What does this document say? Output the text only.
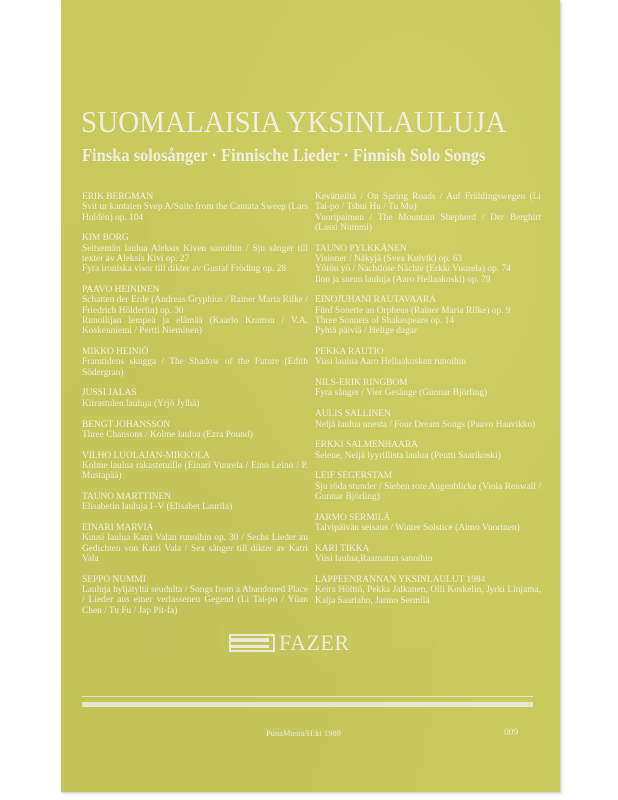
SUOMALAISIA YKSINLAULUJA
Finska solosånger · Finnische Lieder · Finnish Solo Songs
ERIK BERGMAN
Svit ur kantaten Svep A/Suite from the Cantata Sweep (Lars Huldén) op. 104
KIM BORG
Seitsemän laulua Aleksis Kiven sanoihin / Sju sånger till texter av Aleksis Kivi op. 27
Fyra ironiska visor till dikter av Gustaf Fröding op. 28
PAAVO HEININEN
Schatten der Erde (Andreas Gryphius / Rainer Maria Rilke / Friedrich Hölderlin) op. 30
Runoilijan lempeä ja elämää (Kaarlo Kramsu / V.A. Koskenniemi / Pertti Nieminen)
MIKKO HEINIÖ
Framtidens skugga / The Shadow of the Future (Edith Södergran)
JUSSI JALAS
Kiirastulen lauluja (Yrjö Jylhä)
BENGT JOHANSSON
Three Chansons / Kolme laulua (Ezra Pound)
VILHO LUOLAJAN-MIKKOLA
Kolme laulua rakastetuille (Einari Vuorela / Eino Leino / P. Mustapää)
TAUNO MARTTINEN
Elisabetin lauluja I–V (Elisabet Laurila)
EINARI MARVIA
Kuusi laulua Katri Valan runoihin op. 30 / Sechs Lieder zu Gedichten von Katri Vala / Sex sånger till dikter av Katri Vala
SEPPO NUMMI
Lauluja hyljätyltä seudulta / Songs from a Abandoned Place / Lieder aus einer verlassenen Gegend (Li Tai-po / Yüan Chen / Tu Fu / Jap Pit-fa)
Kevätteiltä / On Spring Roads / Auf Frühlingswegen (Li Tai-po / Tshui Hu / Tu Mu)
Vuoripaimen / The Mountain Shepherd / Der Berghirt (Lassi Nummi)
TAUNO PYLKKÄNEN
Visioner / Näkyjä (Svea Kulvik) op. 63
Yötön yö / Nachtlose Nächte (Erkki Vuorela) op. 74
Ilon ja surun lauluja (Aaro Hellaakoski) op. 79
EINOJUHANI RAUTAVAARA
Fünf Sonette an Orpheus (Rainer Maria Rilke) op. 9
Three Sonnets of Shakespeare op. 14
Pyhiä päiviä / Helige dagar
PEKKA RAUTIO
Viisi laulua Aaro Hellaakosken runoihin
NILS-ERIK RINGBOM
Fyra sånger / Vier Gesänge (Gunnar Björling)
AULIS SALLINEN
Neljä laulua unesta / Four Dream Songs (Paavo Haavikko)
ERKKI SALMENHAARA
Selene, Neljä lyyrillista laulua (Pentti Saarikoski)
LEIF SEGERSTAM
Sju röda stunder / Sieben rote Augenblicke (Viola Renwall / Gunnar Björling)
JARMO SERMILÄ
Talvipäivän seisaus / Winter Solstice (Aimo Vuorinen)
KARI TIKKA
Viisi laulua,Raamatun sanoihin
LAPPEENRANNAN YKSINLAULUT 1984
Keira Hölttö, Pekka Jalkanen, Olli Koskelin, Jyrki Linjama, Kaija Saariaho, Jarmo Sermilä
FAZER
PunaMusta/H:ki 1989	009
